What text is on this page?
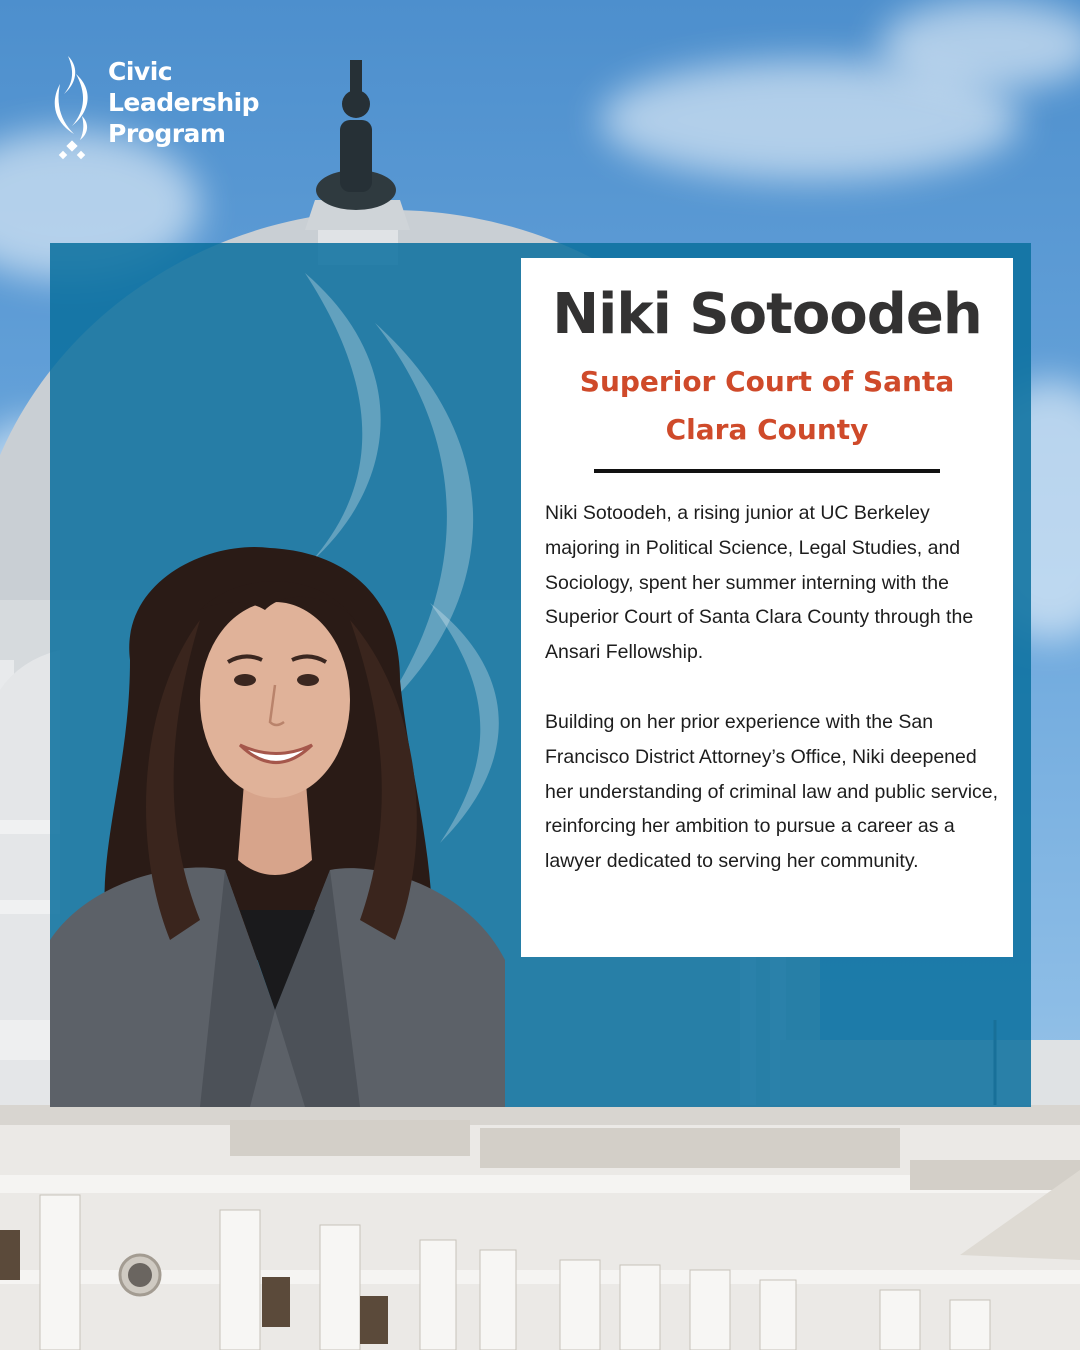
Niki Sotoodeh
Superior Court of Santa
Clara County

Niki Sotoodeh, a rising junior at UC Berkeley majoring in Political Science, Legal Studies, and Sociology, spent her summer interning with the Superior Court of Santa Clara County through the Ansari Fellowship.

Building on her prior experience with the San Francisco District Attorney’s Office, Niki deepened her understanding of criminal law and public service, reinforcing her ambition to pursue a career as a lawyer dedicated to serving her community.

Civic
Leadership
Program
